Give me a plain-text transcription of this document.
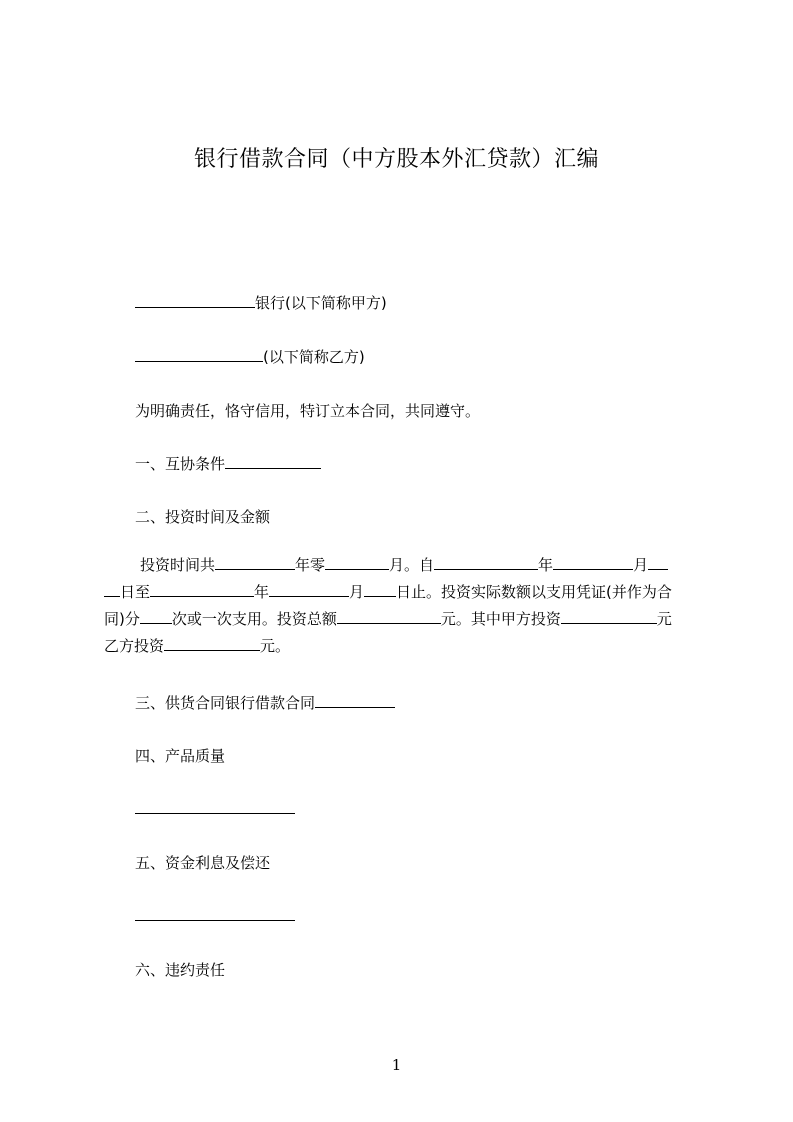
银行借款合同（中方股本外汇贷款）汇编
银行(以下简称甲方)
(以下简称乙方)
为明确责任，恪守信用，特订立本合同，共同遵守。
一、互协条件
二、投资时间及金额
投资时间共	年零	月。自	年	月
日至	年	月 日止。投资实际数额以支用凭证(并作为合
同)分 次或一次支用。投资总额	元。其中甲方投资	元
乙方投资	元。
三、供货合同银行借款合同
四、产品质量
五、资金利息及偿还
六、违约责任
1
